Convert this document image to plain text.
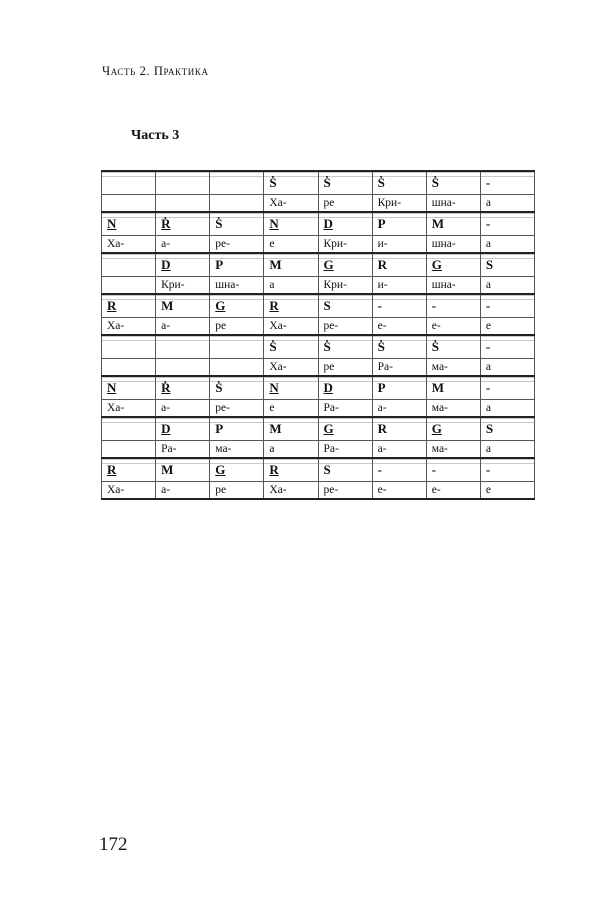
Часть 2. Практика
Часть 3
			Ṡ	Ṡ	Ṡ	Ṡ	-
			Ха-	ре	Кри-	шна-	а
N	Ṙ	Ṡ	N	D	P	M	-
Ха-	а-	ре-	е	Кри-	и-	шна-	а
	D	P	M	G	R	G	S
	Кри-	шна-	а	Кри-	и-	шна-	а
R	M	G	R	S	-	-	-
Ха-	а-	ре	Ха-	ре-	е-	е-	е
			Ṡ	Ṡ	Ṡ	Ṡ	-
			Ха-	ре	Ра-	ма-	а
N	Ṙ	Ṡ	N	D	P	M	-
Ха-	а-	ре-	е	Ра-	а-	ма-	а
	D	P	M	G	R	G	S
	Ра-	ма-	а	Ра-	а-	ма-	а
R	M	G	R	S	-	-	-
Ха-	а-	ре	Ха-	ре-	е-	е-	е
172
